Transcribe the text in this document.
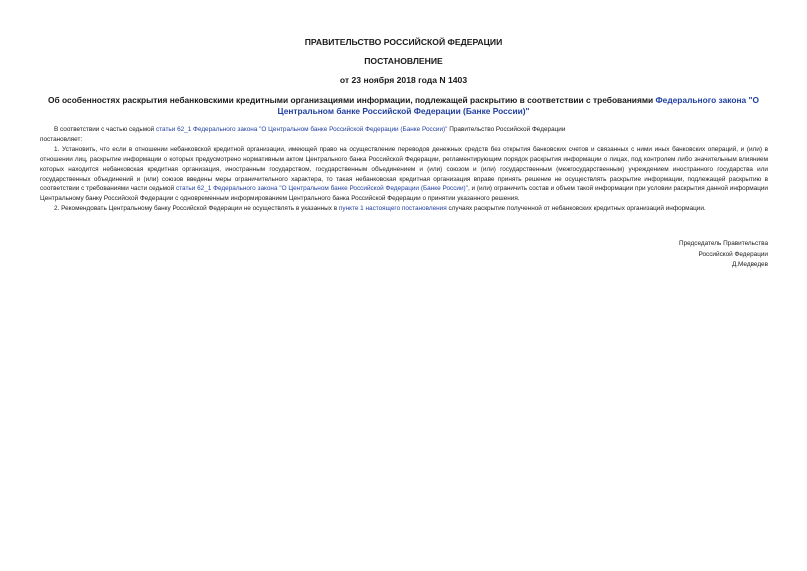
ПРАВИТЕЛЬСТВО РОССИЙСКОЙ ФЕДЕРАЦИИ
ПОСТАНОВЛЕНИЕ
от 23 ноября 2018 года N 1403
Об особенностях раскрытия небанковскими кредитными организациями информации, подлежащей раскрытию в соответствии с требованиями Федерального закона "О Центральном банке Российской Федерации (Банке России)"

В соответствии с частью седьмой статьи 62_1 Федерального закона "О Центральном банке Российской Федерации (Банке России)" Правительство Российской Федерации

постановляет:

1. Установить, что если в отношении небанковской кредитной организации, имеющей право на осуществление переводов денежных средств без открытия банковских счетов и связанных с ними иных банковских операций, и (или) в отношении лиц, раскрытие информации о которых предусмотрено нормативным актом Центрального банка Российской Федерации, регламентирующим порядок раскрытия информации о лицах, под контролем либо значительным влиянием которых находится небанковская кредитная организация, иностранным государством, государственным объединением и (или) союзом и (или) государственным (межгосударственным) учреждением иностранного государства или государственных объединений и (или) союзов введены меры ограничительного характера, то такая небанковская кредитная организация вправе принять решение не осуществлять раскрытие информации, подлежащей раскрытию в соответствии с требованиями части седьмой статьи 62_1 Федерального закона "О Центральном банке Российской Федерации (Банке России)", и (или) ограничить состав и объем такой информации при условии раскрытия данной информации Центральному банку Российской Федерации с одновременным информированием Центрального банка Российской Федерации о принятии указанного решения.

2. Рекомендовать Центральному банку Российской Федерации не осуществлять в указанных в пункте 1 настоящего постановления случаях раскрытие полученной от небанковских кредитных организаций информации.

Председатель Правительства
Российской Федерации
Д.Медведев
